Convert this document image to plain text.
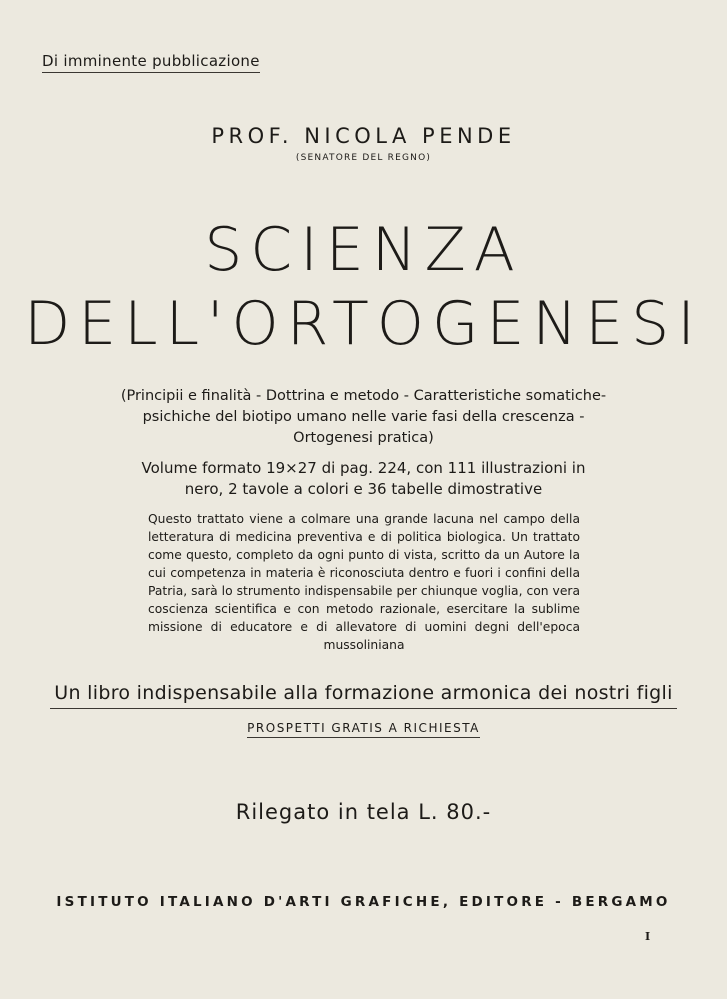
Di imminente pubblicazione
PROF. NICOLA PENDE
(SENATORE DEL REGNO)
SCIENZA
DELL'ORTOGENESI
(Principii e finalità - Dottrina e metodo - Caratteristiche somatiche-psichiche del biotipo umano nelle varie fasi della crescenza - Ortogenesi pratica)
Volume formato 19×27 di pag. 224, con 111 illustrazioni in nero, 2 tavole a colori e 36 tabelle dimostrative
Questo trattato viene a colmare una grande lacuna nel campo della letteratura di medicina preventiva e di politica biologica. Un trattato come questo, completo da ogni punto di vista, scritto da un Autore la cui competenza in materia è riconosciuta dentro e fuori i confini della Patria, sarà lo strumento indispensabile per chiunque voglia, con vera coscienza scientifica e con metodo razionale, esercitare la sublime missione di educatore e di allevatore di uomini degni dell'epoca mussoliniana
Un libro indispensabile alla formazione armonica dei nostri figli
PROSPETTI GRATIS A RICHIESTA
Rilegato in tela L. 80.-
ISTITUTO ITALIANO D'ARTI GRAFICHE, EDITORE - BERGAMO
I
